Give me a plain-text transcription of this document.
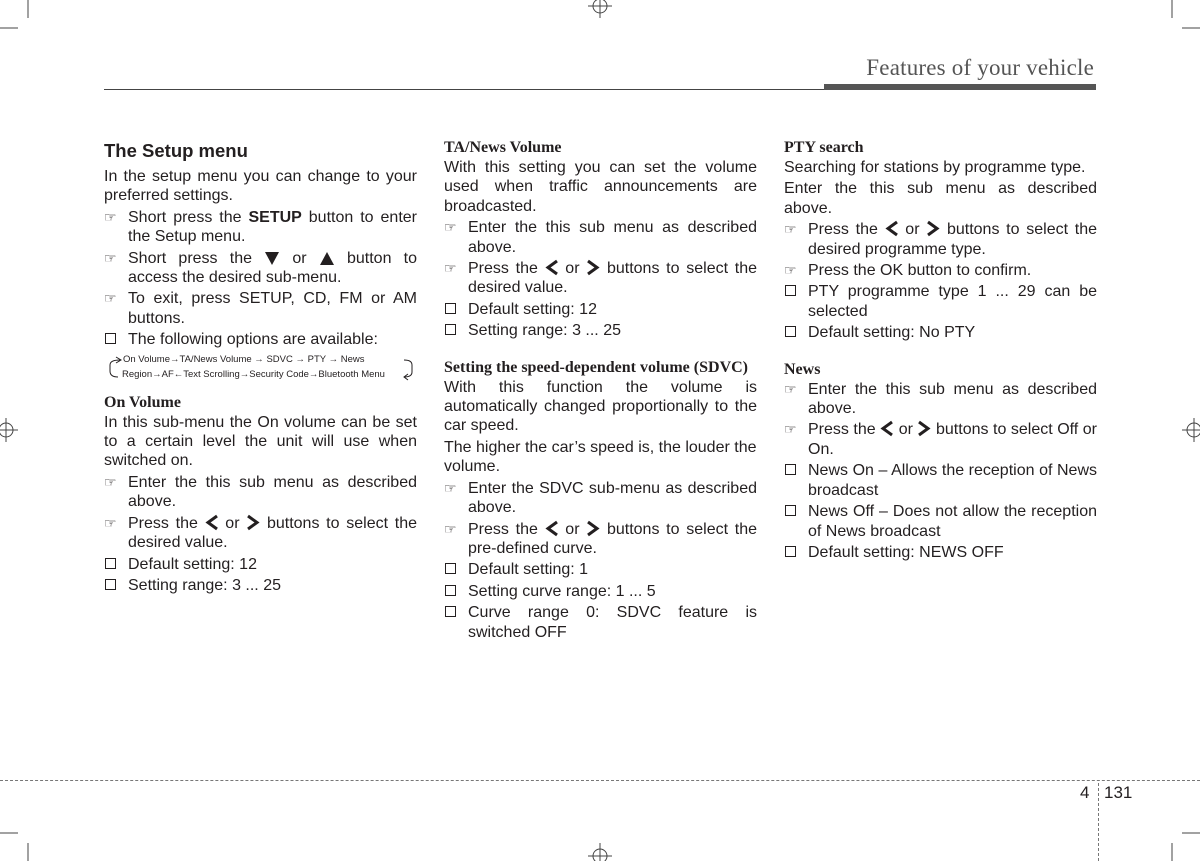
Features of your vehicle
The Setup menu

In the setup menu you can change to your preferred settings.

☞ Short press the SETUP button to enter the Setup menu.
☞ Short press the  or  button to access the desired sub-menu.
☞ To exit, press SETUP, CD, FM or AM buttons.
The following options are available:
On Volume→TA/News Volume → SDVC → PTY → News
Region→AF←Text Scrolling→Security Code→Bluetooth Menu
On Volume

In this sub-menu the On volume can be set to a certain level the unit will use when switched on.

☞ Enter the this sub menu as described above.
☞ Press the  or  buttons to select the desired value.
Default setting: 12
Setting range: 3 ... 25
TA/News Volume

With this setting you can set the volume used when traffic announcements are broadcasted.

☞ Enter the this sub menu as described above.
☞ Press the  or  buttons to select the desired value.
Default setting: 12
Setting range: 3 ... 25
Setting the speed-dependent volume (SDVC)

With this function the volume is automatically changed proportionally to the car speed.

The higher the car’s speed is, the louder the volume.

☞ Enter the SDVC sub-menu as described above.
☞ Press the  or  buttons to select the pre-defined curve.
Default setting: 1
Setting curve range: 1 ... 5
Curve range 0: SDVC feature is switched OFF
PTY search

Searching for stations by programme type.

Enter the this sub menu as described above.

☞ Press the  or  buttons to select the desired programme type.
☞ Press the OK button to confirm.
PTY programme type 1 ... 29 can be selected
Default setting: No PTY
News
☞ Enter the this sub menu as described above.
☞ Press the  or  buttons to select Off or On.
News On – Allows the reception of News broadcast
News Off – Does not allow the reception of News broadcast
Default setting: NEWS OFF
4 131
